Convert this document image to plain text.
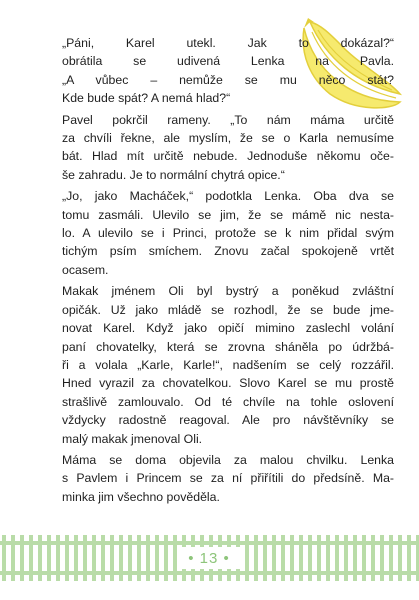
„Páni, Karel utekl. Jak to dokázal?“
obrátila se udivená Lenka na Pavla.
„A vůbec – nemůže se mu něco stát?
Kde bude spát? A nemá hlad?“

Pavel pokrčil rameny. „To nám máma určitě
za chvíli řekne, ale myslím, že se o Karla nemusíme
bát. Hlad mít určitě nebude. Jednoduše někomu oče-
še zahradu. Je to normální chytrá opice.“

„Jo, jako Macháček,“ podotkla Lenka. Oba dva se
tomu zasmáli. Ulevilo se jim, že se mámě nic nesta-
lo. A ulevilo se i Princi, protože se k nim přidal svým
tichým psím smíchem. Znovu začal spokojeně vrtět
ocasem.

Makak jménem Oli byl bystrý a poněkud zvláštní
opičák. Už jako mládě se rozhodl, že se bude jme-
novat Karel. Když jako opičí mimino zaslechl volání
paní chovatelky, která se zrovna sháněla po údržbá-
ři a volala „Karle, Karle!“, nadšením se celý rozzářil.
Hned vyrazil za chovatelkou. Slovo Karel se mu prostě
strašlivě zamlouvalo. Od té chvíle na tohle oslovení
vždycky radostně reagoval. Ale pro návštěvníky se
malý makak jmenoval Oli.

Máma se doma objevila za malou chvilku. Lenka
s Pavlem i Princem se za ní přiřítili do předsíně. Ma-
minka jim všechno pověděla.

• 13 •
